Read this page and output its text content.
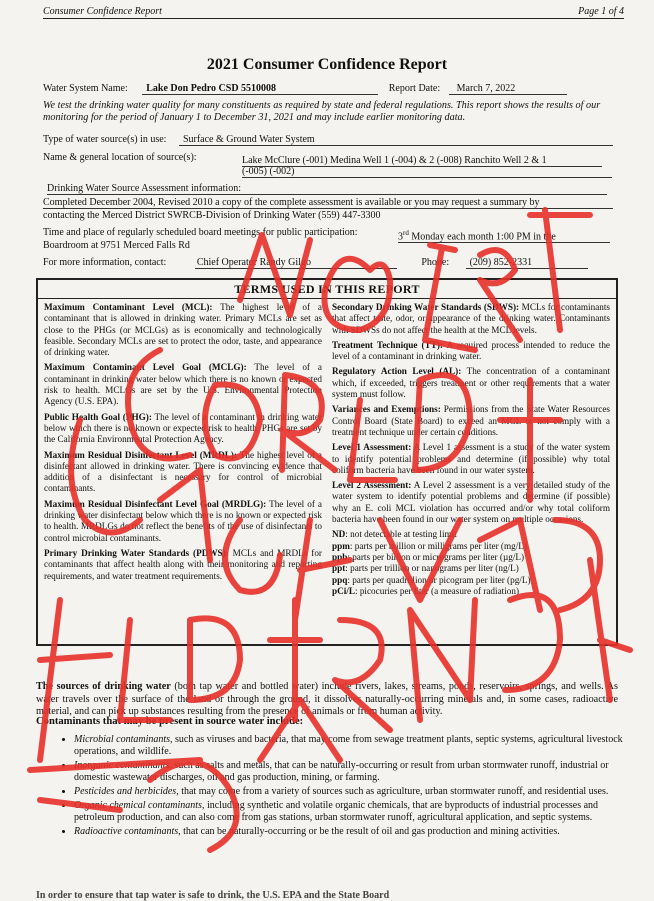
Consumer Confidence Report	Page 1 of 4
2021 Consumer Confidence Report
Water System Name: Lake Don Pedro CSD 5510008	Report Date: March 7, 2022
We test the drinking water quality for many constituents as required by state and federal regulations. This report shows the results of our monitoring for the period of January 1 to December 31, 2021 and may include earlier monitoring data.
Type of water source(s) in use: Surface & Ground Water System
Name & general location of source(s):	Lake McClure (-001) Medina Well 1 (-004) & 2 (-008) Ranchito Well 2 & 1
(-005) (-002)
Drinking Water Source Assessment information:
Completed December 2004, Revised 2010 a copy of the complete assessment is available or you may request a summary by
contacting the Merced District SWRCB-Division of Drinking Water (559) 447-3300
Time and place of regularly scheduled board meetings for public participation:	3rd Monday each month 1:00 PM in the
Boardroom at 9751 Merced Falls Rd
For more information, contact:	Chief Operator Randy Gilgo	Phone: (209) 852-2331
TERMS USED IN THIS REPORT

Maximum Contaminant Level (MCL): The highest level of a contaminant that is allowed in drinking water. Primary MCLs are set as close to the PHGs (or MCLGs) as is economically and technologically feasible. Secondary MCLs are set to protect the odor, taste, and appearance of drinking water.

Maximum Contaminant Level Goal (MCLG): The level of a contaminant in drinking water below which there is no known or expected risk to health. MCLGs are set by the U.S. Environmental Protection Agency (U.S. EPA).

Public Health Goal (PHG): The level of a contaminant in drinking water below which there is no known or expected risk to health. PHGs are set by the California Environmental Protection Agency.

Maximum Residual Disinfectant Level (MRDL): The highest level of a disinfectant allowed in drinking water. There is convincing evidence that addition of a disinfectant is necessary for control of microbial contaminants.

Maximum Residual Disinfectant Level Goal (MRDLG): The level of a drinking water disinfectant below which there is no known or expected risk to health. MRDLGs do not reflect the benefits of the use of disinfectants to control microbial contaminants.

Primary Drinking Water Standards (PDWS): MCLs and MRDLs for contaminants that affect health along with their monitoring and reporting requirements, and water treatment requirements.

Secondary Drinking Water Standards (SDWS): MCLs for contaminants that affect taste, odor, or appearance of the drinking water. Contaminants with SDWSs do not affect the health at the MCL levels.

Treatment Technique (TT): A required process intended to reduce the level of a contaminant in drinking water.

Regulatory Action Level (AL): The concentration of a contaminant which, if exceeded, triggers treatment or other requirements that a water system must follow.

Variances and Exemptions: Permissions from the State Water Resources Control Board (State Board) to exceed an MCL or not comply with a treatment technique under certain conditions.

Level 1 Assessment: A Level 1 assessment is a study of the water system to identify potential problems and determine (if possible) why total coliform bacteria have been found in our water system.

Level 2 Assessment: A Level 2 assessment is a very detailed study of the water system to identify potential problems and determine (if possible) why an E. coli MCL violation has occurred and/or why total coliform bacteria have been found in our water system on multiple occasions.

ND: not detectable at testing limit

ppm: parts per million or milligrams per liter (mg/L)

ppb: parts per billion or micrograms per liter (µg/L)

ppt: parts per trillion or nanograms per liter (ng/L)

ppq: parts per quadrillion or picogram per liter (pg/L)

pCi/L: picocuries per liter (a measure of radiation)

The sources of drinking water (both tap water and bottled water) include rivers, lakes, streams, ponds, reservoirs, springs, and wells. As water travels over the surface of the land or through the ground, it dissolves naturally-occurring minerals and, in some cases, radioactive material, and can pick up substances resulting from the presence of animals or from human activity.
Contaminants that may be present in source water include:
• Microbial contaminants, such as viruses and bacteria, that may come from sewage treatment plants, septic systems, agricultural livestock operations, and wildlife.
• Inorganic contaminants, such as salts and metals, that can be naturally-occurring or result from urban stormwater runoff, industrial or domestic wastewater discharges, oil and gas production, mining, or farming.
• Pesticides and herbicides, that may come from a variety of sources such as agriculture, urban stormwater runoff, and residential uses.
• Organic chemical contaminants, including synthetic and volatile organic chemicals, that are byproducts of industrial processes and petroleum production, and can also come from gas stations, urban stormwater runoff, agricultural application, and septic systems.
• Radioactive contaminants, that can be naturally-occurring or be the result of oil and gas production and mining activities.
In order to ensure that tap water is safe to drink, the U.S. EPA and the State Board
